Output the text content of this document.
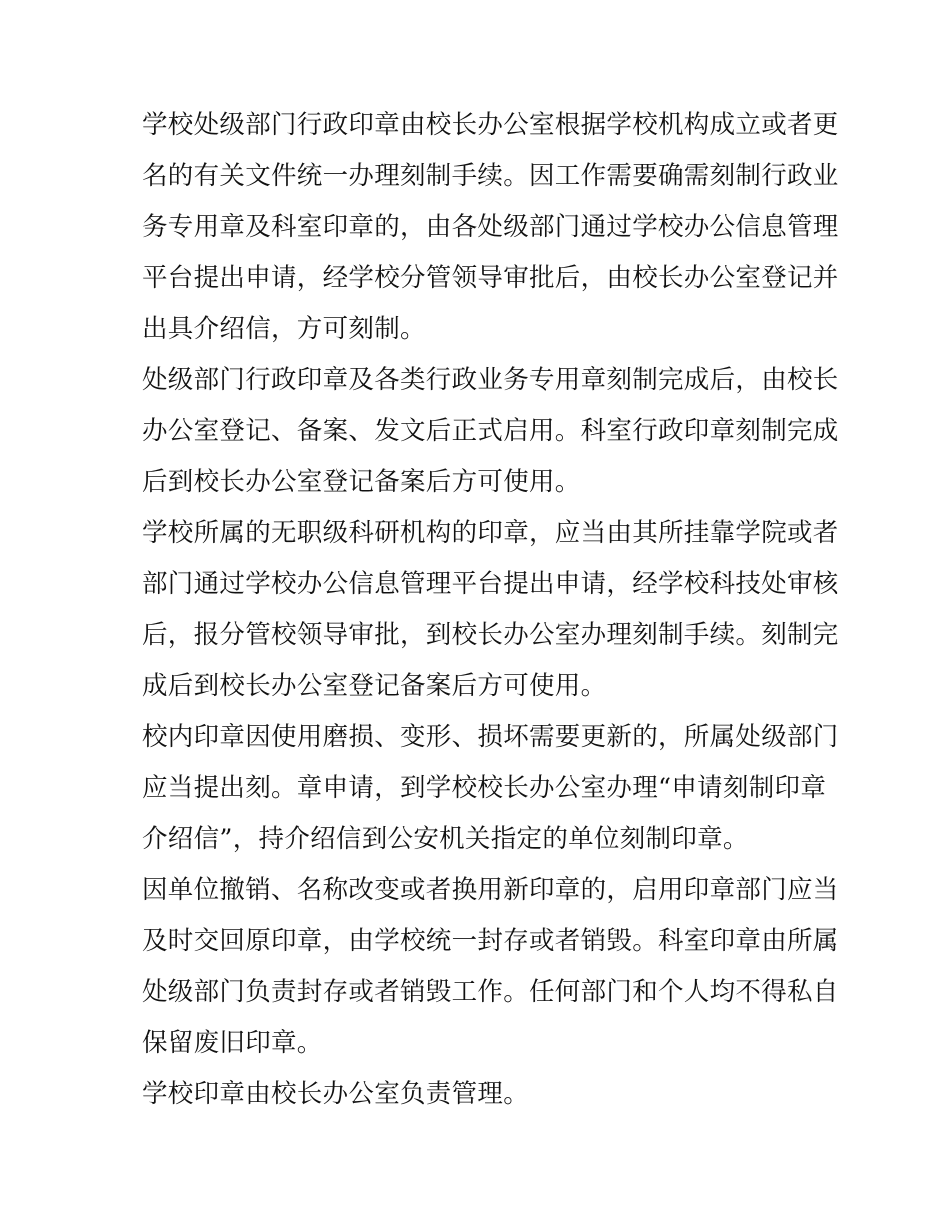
学校处级部门行政印章由校长办公室根据学校机构成立或者更
名的有关文件统一办理刻制手续。因工作需要确需刻制行政业
务专用章及科室印章的，由各处级部门通过学校办公信息管理
平台提出申请，经学校分管领导审批后，由校长办公室登记并
出具介绍信，方可刻制。
处级部门行政印章及各类行政业务专用章刻制完成后，由校长
办公室登记、备案、发文后正式启用。科室行政印章刻制完成
后到校长办公室登记备案后方可使用。
学校所属的无职级科研机构的印章，应当由其所挂靠学院或者
部门通过学校办公信息管理平台提出申请，经学校科技处审核
后，报分管校领导审批，到校长办公室办理刻制手续。刻制完
成后到校长办公室登记备案后方可使用。
校内印章因使用磨损、变形、损坏需要更新的，所属处级部门
应当提出刻。章申请，到学校校长办公室办理“申请刻制印章
介绍信”，持介绍信到公安机关指定的单位刻制印章。
因单位撤销、名称改变或者换用新印章的，启用印章部门应当
及时交回原印章，由学校统一封存或者销毁。科室印章由所属
处级部门负责封存或者销毁工作。任何部门和个人均不得私自
保留废旧印章。
学校印章由校长办公室负责管理。
